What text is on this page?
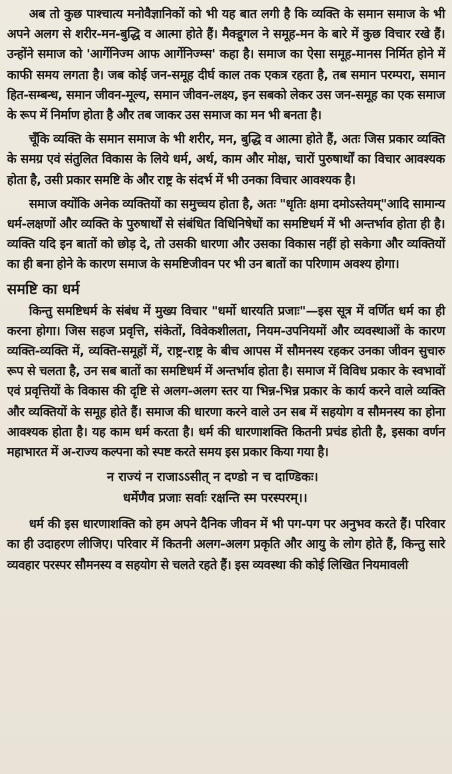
अब तो कुछ पाश्चात्य मनोवैज्ञानिकों को भी यह बात लगी है कि व्यक्ति के समान समाज के भी अपने अलग से शरीर-मन-बुद्धि व आत्मा होते हैं। मैक्डूगल ने समूह-मन के बारे में कुछ विचार रखे हैं। उन्होंने समाज को 'आर्गेनिज्म आफ आर्गेनिज्म्स' कहा है। समाज का ऐसा समूह-मानस निर्मित होने में काफी समय लगता है। जब कोई जन-समूह दीर्घ काल तक एकत्र रहता है, तब समान परम्परा, समान हित-सम्बन्ध, समान जीवन-मूल्य, समान जीवन-लक्ष्य, इन सबको लेकर उस जन-समूह का एक समाज के रूप में निर्माण होता है और तब जाकर उस समाज का मन भी बनता है।

चूँकि व्यक्ति के समान समाज के भी शरीर, मन, बुद्धि व आत्मा होते हैं, अतः जिस प्रकार व्यक्ति के समग्र एवं संतुलित विकास के लिये धर्म, अर्थ, काम और मोक्ष, चारों पुरुषार्थों का विचार आवश्यक होता है, उसी प्रकार समष्टि के और राष्ट्र के संदर्भ में भी उनका विचार आवश्यक है।

समाज क्योंकि अनेक व्यक्तियों का समुच्चय होता है, अतः "धृतिः क्षमा दमोऽस्तेयम्"आदि सामान्य धर्म-लक्षणों और व्यक्ति के पुरुषार्थों से संबंधित विधिनिषेधों का समष्टिधर्म में भी अन्तर्भाव होता ही है। व्यक्ति यदि इन बातों को छोड़ दे, तो उसकी धारणा और उसका विकास नहीं हो सकेगा और व्यक्तियों का ही बना होने के कारण समाज के समष्टिजीवन पर भी उन बातों का परिणाम अवश्य होगा।

समष्टि का धर्म

किन्तु समष्टिधर्म के संबंध में मुख्य विचार "धर्मो धारयति प्रजाः"—इस सूत्र में वर्णित धर्म का ही करना होगा। जिस सहज प्रवृत्ति, संकेतों, विवेकशीलता, नियम-उपनियमों और व्यवस्थाओं के कारण व्यक्ति-व्यक्ति में, व्यक्ति-समूहों में, राष्ट्र-राष्ट्र के बीच आपस में सौमनस्य रहकर उनका जीवन सुचारु रूप से चलता है, उन सब बातों का समष्टिधर्म में अन्तर्भाव होता है। समाज में विविध प्रकार के स्वभावों एवं प्रवृत्तियों के विकास की दृष्टि से अलग-अलग स्तर या भिन्न-भिन्न प्रकार के कार्य करने वाले व्यक्ति और व्यक्तियों के समूह होते हैं। समाज की धारणा करने वाले उन सब में सहयोग व सौमनस्य का होना आवश्यक होता है। यह काम धर्म करता है। धर्म की धारणाशक्ति कितनी प्रचंड होती है, इसका वर्णन महाभारत में अ-राज्य कल्पना को स्पष्ट करते समय इस प्रकार किया गया है।

न राज्यं न राजाऽऽसीत् न दण्डो न च दाण्डिकः।
धर्मेणैव प्रजाः सर्वाः रक्षन्ति स्म परस्परम्।।

धर्म की इस धारणाशक्ति को हम अपने दैनिक जीवन में भी पग-पग पर अनुभव करते हैं। परिवार का ही उदाहरण लीजिए। परिवार में कितनी अलग-अलग प्रकृति और आयु के लोग होते हैं, किन्तु सारे व्यवहार परस्पर सौमनस्य व सहयोग से चलते रहते हैं। इस व्यवस्था की कोई लिखित नियमावली
